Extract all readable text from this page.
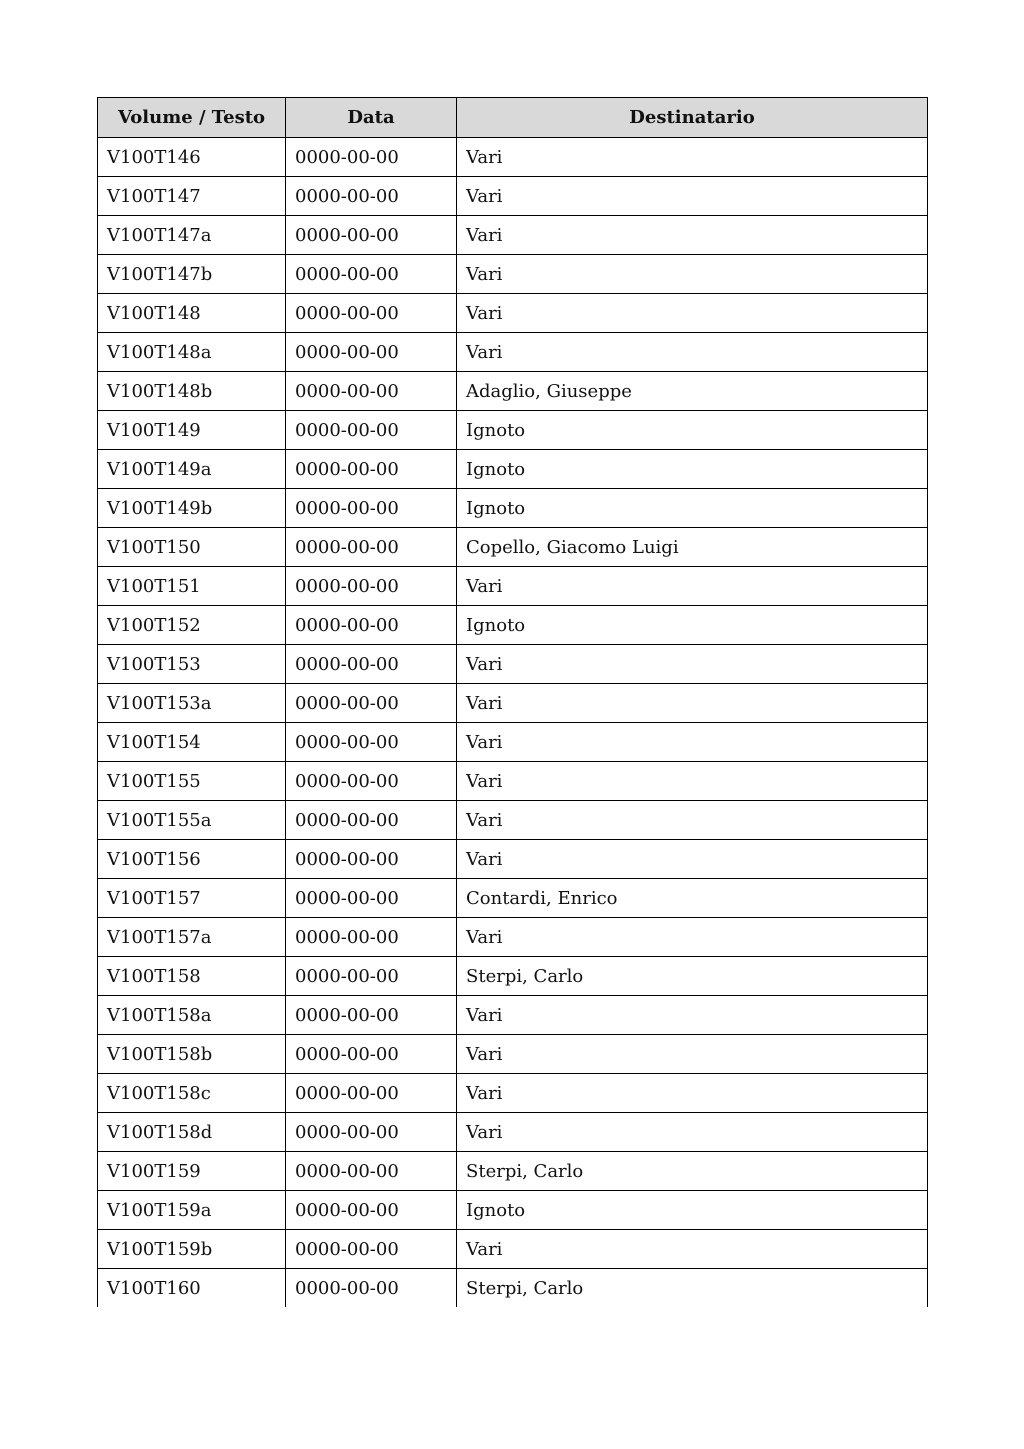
Volume / Testo	Data	Destinatario
V100T146	0000-00-00	Vari
V100T147	0000-00-00	Vari
V100T147a	0000-00-00	Vari
V100T147b	0000-00-00	Vari
V100T148	0000-00-00	Vari
V100T148a	0000-00-00	Vari
V100T148b	0000-00-00	Adaglio, Giuseppe
V100T149	0000-00-00	Ignoto
V100T149a	0000-00-00	Ignoto
V100T149b	0000-00-00	Ignoto
V100T150	0000-00-00	Copello, Giacomo Luigi
V100T151	0000-00-00	Vari
V100T152	0000-00-00	Ignoto
V100T153	0000-00-00	Vari
V100T153a	0000-00-00	Vari
V100T154	0000-00-00	Vari
V100T155	0000-00-00	Vari
V100T155a	0000-00-00	Vari
V100T156	0000-00-00	Vari
V100T157	0000-00-00	Contardi, Enrico
V100T157a	0000-00-00	Vari
V100T158	0000-00-00	Sterpi, Carlo
V100T158a	0000-00-00	Vari
V100T158b	0000-00-00	Vari
V100T158c	0000-00-00	Vari
V100T158d	0000-00-00	Vari
V100T159	0000-00-00	Sterpi, Carlo
V100T159a	0000-00-00	Ignoto
V100T159b	0000-00-00	Vari
V100T160	0000-00-00	Sterpi, Carlo
